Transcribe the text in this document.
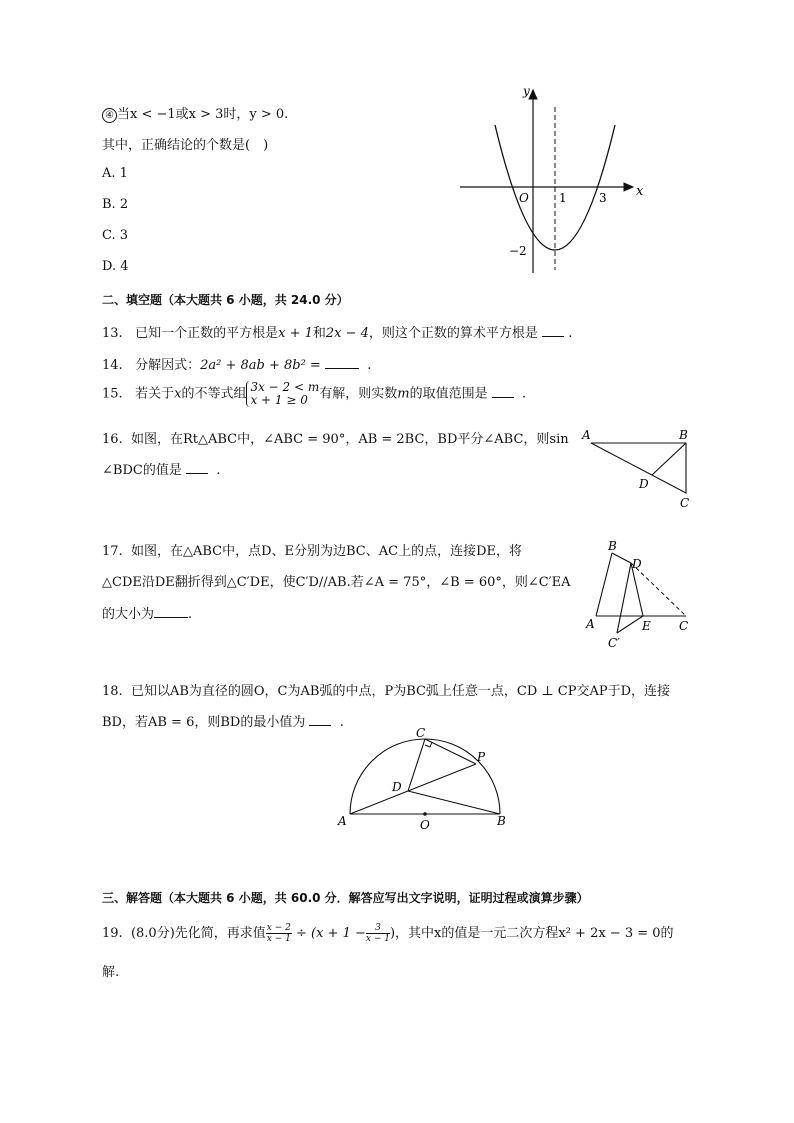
④ 当x < −1或x > 3时，y > 0.
其中，正确结论的个数是(　)
A. 1
B. 2
C. 3
D. 4
y
x
O	1	3
−2
二、填空题（本大题共 6 小题，共 24.0 分）
13. 已知一个正数的平方根是x + 1和2x − 4，则这个正数的算术平方根是 .
14. 分解因式：2a² + 8ab + 8b² =	.
15. 若关于x的不等式组 3x − 2 < m
x + 1 ≥ 0 有解，则实数m的取值范围是	.
16. 如图，在Rt△ABC中，∠ABC = 90°，AB = 2BC，BD平分∠ABC，则sin
∠BDC的值是	.
A	B
C
D
17. 如图，在△ABC中，点D、E分别为边BC、AC上的点，连接DE，将
△CDE沿DE翻折得到△C′DE，使C′D//AB.若∠A = 75°，∠B = 60°，则∠C′EA
的大小为	.
B
D
A	E C
C′
18. 已知以AB为直径的圆O，C为AB弧的中点，P为BC弧上任意一点，CD ⊥ CP交AP于D，连接
BD，若AB = 6，则BD的最小值为	.
C
P
D
A	B
O
三、解答题（本大题共 6 小题，共 60.0 分．解答应写出文字说明，证明过程或演算步骤）
19. (8.0分)先化简，再求值 $\frac{x - 2}{x - 1} \div (x + 1 - \frac{3}{x - 1}$ )，其中x的值是一元二次方程x² + 2x − 3 = 0的
解.
